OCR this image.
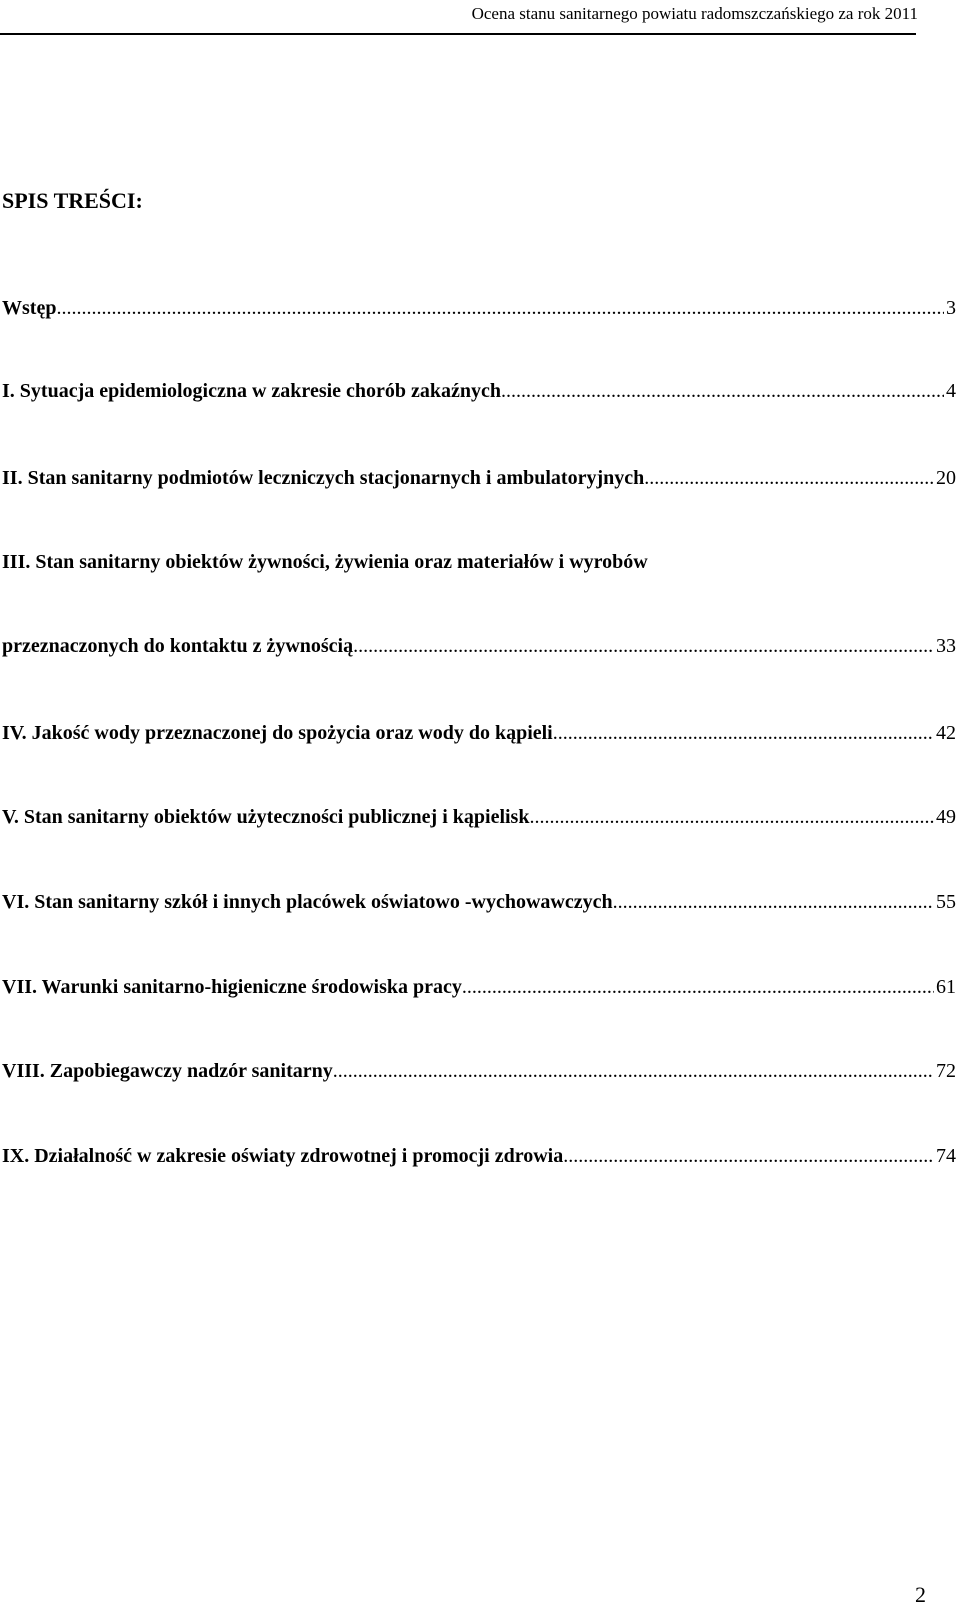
Ocena stanu sanitarnego powiatu radomszczańskiego za rok 2011
SPIS TREŚCI:
Wstęp .....	3
I. Sytuacja epidemiologiczna w zakresie chorób zakaźnych .....	4
II. Stan sanitarny podmiotów leczniczych stacjonarnych i ambulatoryjnych .....	20
III. Stan sanitarny obiektów żywności, żywienia oraz materiałów i wyrobów
przeznaczonych do kontaktu z żywnością .....	33
IV. Jakość wody przeznaczonej do spożycia oraz wody do kąpieli .....	42
V. Stan sanitarny obiektów użyteczności publicznej i kąpielisk .....	49
VI. Stan sanitarny szkół i innych placówek oświatowo -wychowawczych .....	55
VII. Warunki sanitarno-higieniczne środowiska pracy .....	61
VIII. Zapobiegawczy nadzór sanitarny .....	72
IX. Działalność w zakresie oświaty zdrowotnej i promocji zdrowia .....	74
2
